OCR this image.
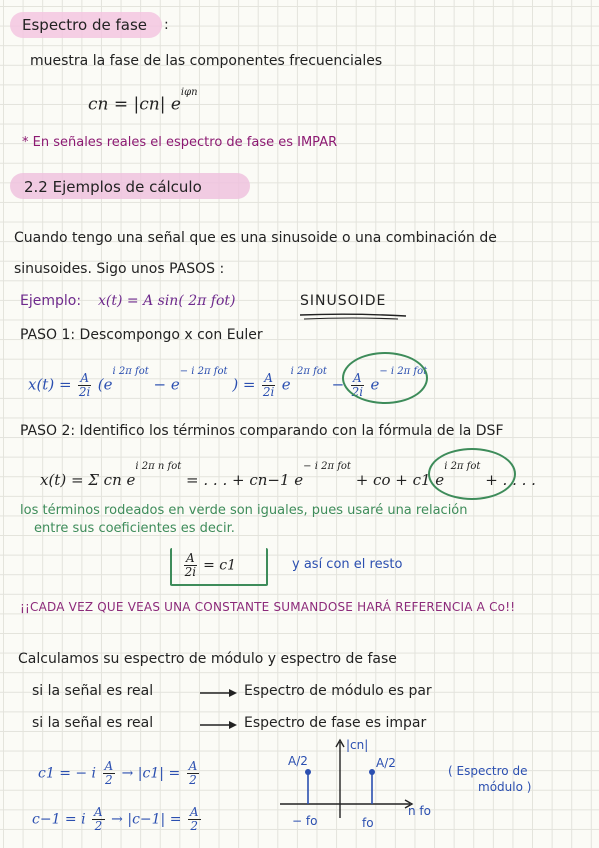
Espectro de fase :
muestra la fase de las componentes frecuenciales
cn = |cn| $e^{i\varphi n}$
* En señales reales el espectro de fase es IMPAR
2.2 Ejemplos de cálculo
Cuando tengo una señal que es una sinusoide o una combinación de
sinusoides. Sigo unos PASOS :
Ejemplo: x(t) = A sin( 2π fot)	SINUSOIDE
PASO 1: Descompongo x con Euler
$x(t) = \frac{A}{2i} (e^{i 2\pi fot} - e^{- i 2\pi fot}$ ) = $\frac{A}{2i} e^{i 2\pi fot} - \frac{A}{2i} e^{- i 2\pi fot}$
PASO 2: Identifico los términos comparando con la fórmula de la DSF
x(t) = Σ cn $e^{i 2\pi n fot}$ = . . . + cn−1 $e^{- i 2\pi fot}$ + co + c1 $e^{i 2\pi fot}$ + . . . .
los términos rodeados en verde son iguales, pues usaré una relación
entre sus coeficientes es decir.
$\frac{A}{2i} = c1$	y así con el resto
¡¡CADA VEZ QUE VEAS UNA CONSTANTE SUMANDOSE HARÁ REFERENCIA A Co!!
Calculamos su espectro de módulo y espectro de fase
si la señal es real	Espectro de módulo es par
si la señal es real	Espectro de fase es impar
c1 = − i $\frac{A}{2} \to |c1| = \frac{A}{2}$
c−1 = i $\frac{A}{2} \to |c-1| = \frac{A}{2}$
|cn|
A/2	A/2
− fo	fo
n fo
( Espectro de
módulo )
